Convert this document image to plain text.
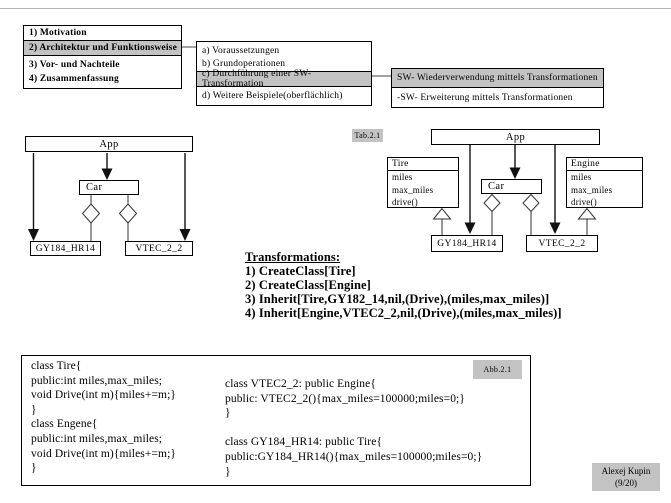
1) Motivation
2) Architektur und Funktionsweise
3) Vor- und Nachteile
4) Zusammenfassung
a) Voraussetzungen
b) Grundoperationen
c) Durchführung einer SW-Transformation
d) Weitere Beispiele(oberflächlich)
SW- Wiederverwendung mittels Transformationen
-SW- Erweiterung mittels Transformationen
App
Car
GY184_HR14	VTEC_2_2
Tab.2.1	App
Tire
miles
max_miles
drive()
Engine
miles
max_miles
drive()
Car
GY184_HR14	VTEC_2_2
Transformations:
1) CreateClass[Tire]
2) CreateClass[Engine]
3) Inherit[Tire,GY182_14,nil,(Drive),(miles,max_miles)]
4) Inherit[Engine,VTEC2_2,nil,(Drive),(miles,max_miles)]
Abb.2.1
class Tire{
public:int miles,max_miles;
void Drive(int m){miles+=m;}
}
class Engene{
public:int miles,max_miles;
void Drive(int m){miles+=m;}
}
class VTEC2_2: public Engine{
public: VTEC2_2(){max_miles=100000;miles=0;}
}

class GY184_HR14: public Tire{
public:GY184_HR14(){max_miles=100000;miles=0;}
}	Alexej Kupin
(9/20)
